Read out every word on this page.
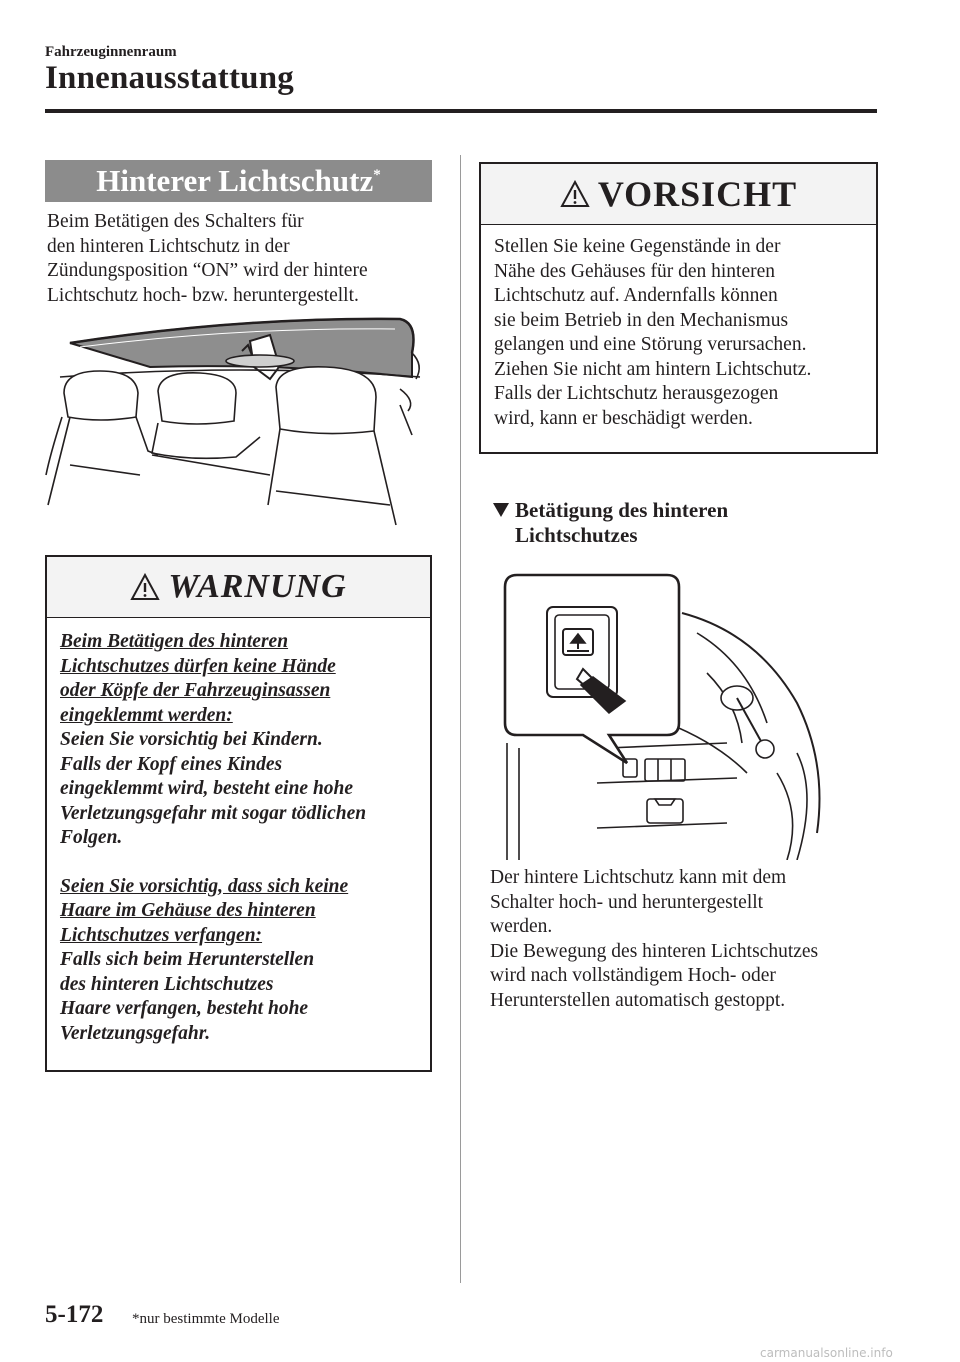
Fahrzeuginnenraum
Innenausstattung
Hinterer Lichtschutz*
Beim Betätigen des Schalters für
den hinteren Lichtschutz in der
Zündungsposition “ON” wird der hintere
Lichtschutz hoch- bzw. heruntergestellt.
WARNUNG

Beim Betätigen des hinteren

Lichtschutzes dürfen keine Hände

oder Köpfe der Fahrzeuginsassen

eingeklemmt werden:

Seien Sie vorsichtig bei Kindern.

Falls der Kopf eines Kindes

eingeklemmt wird, besteht eine hohe

Verletzungsgefahr mit sogar tödlichen

Folgen.

Seien Sie vorsichtig, dass sich keine

Haare im Gehäuse des hinteren

Lichtschutzes verfangen:

Falls sich beim Herunterstellen

des hinteren Lichtschutzes

Haare verfangen, besteht hohe

Verletzungsgefahr.

VORSICHT
Stellen Sie keine Gegenstände in der
Nähe des Gehäuses für den hinteren
Lichtschutz auf. Andernfalls können
sie beim Betrieb in den Mechanismus
gelangen und eine Störung verursachen.
Ziehen Sie nicht am hintern Lichtschutz.
Falls der Lichtschutz herausgezogen
wird, kann er beschädigt werden.
Betätigung des hinteren
Lichtschutzes
Der hintere Lichtschutz kann mit dem
Schalter hoch- und heruntergestellt
werden.
Die Bewegung des hinteren Lichtschutzes
wird nach vollständigem Hoch- oder
Herunterstellen automatisch gestoppt.
5-172 *nur bestimmte Modelle
carmanualsonline.info
